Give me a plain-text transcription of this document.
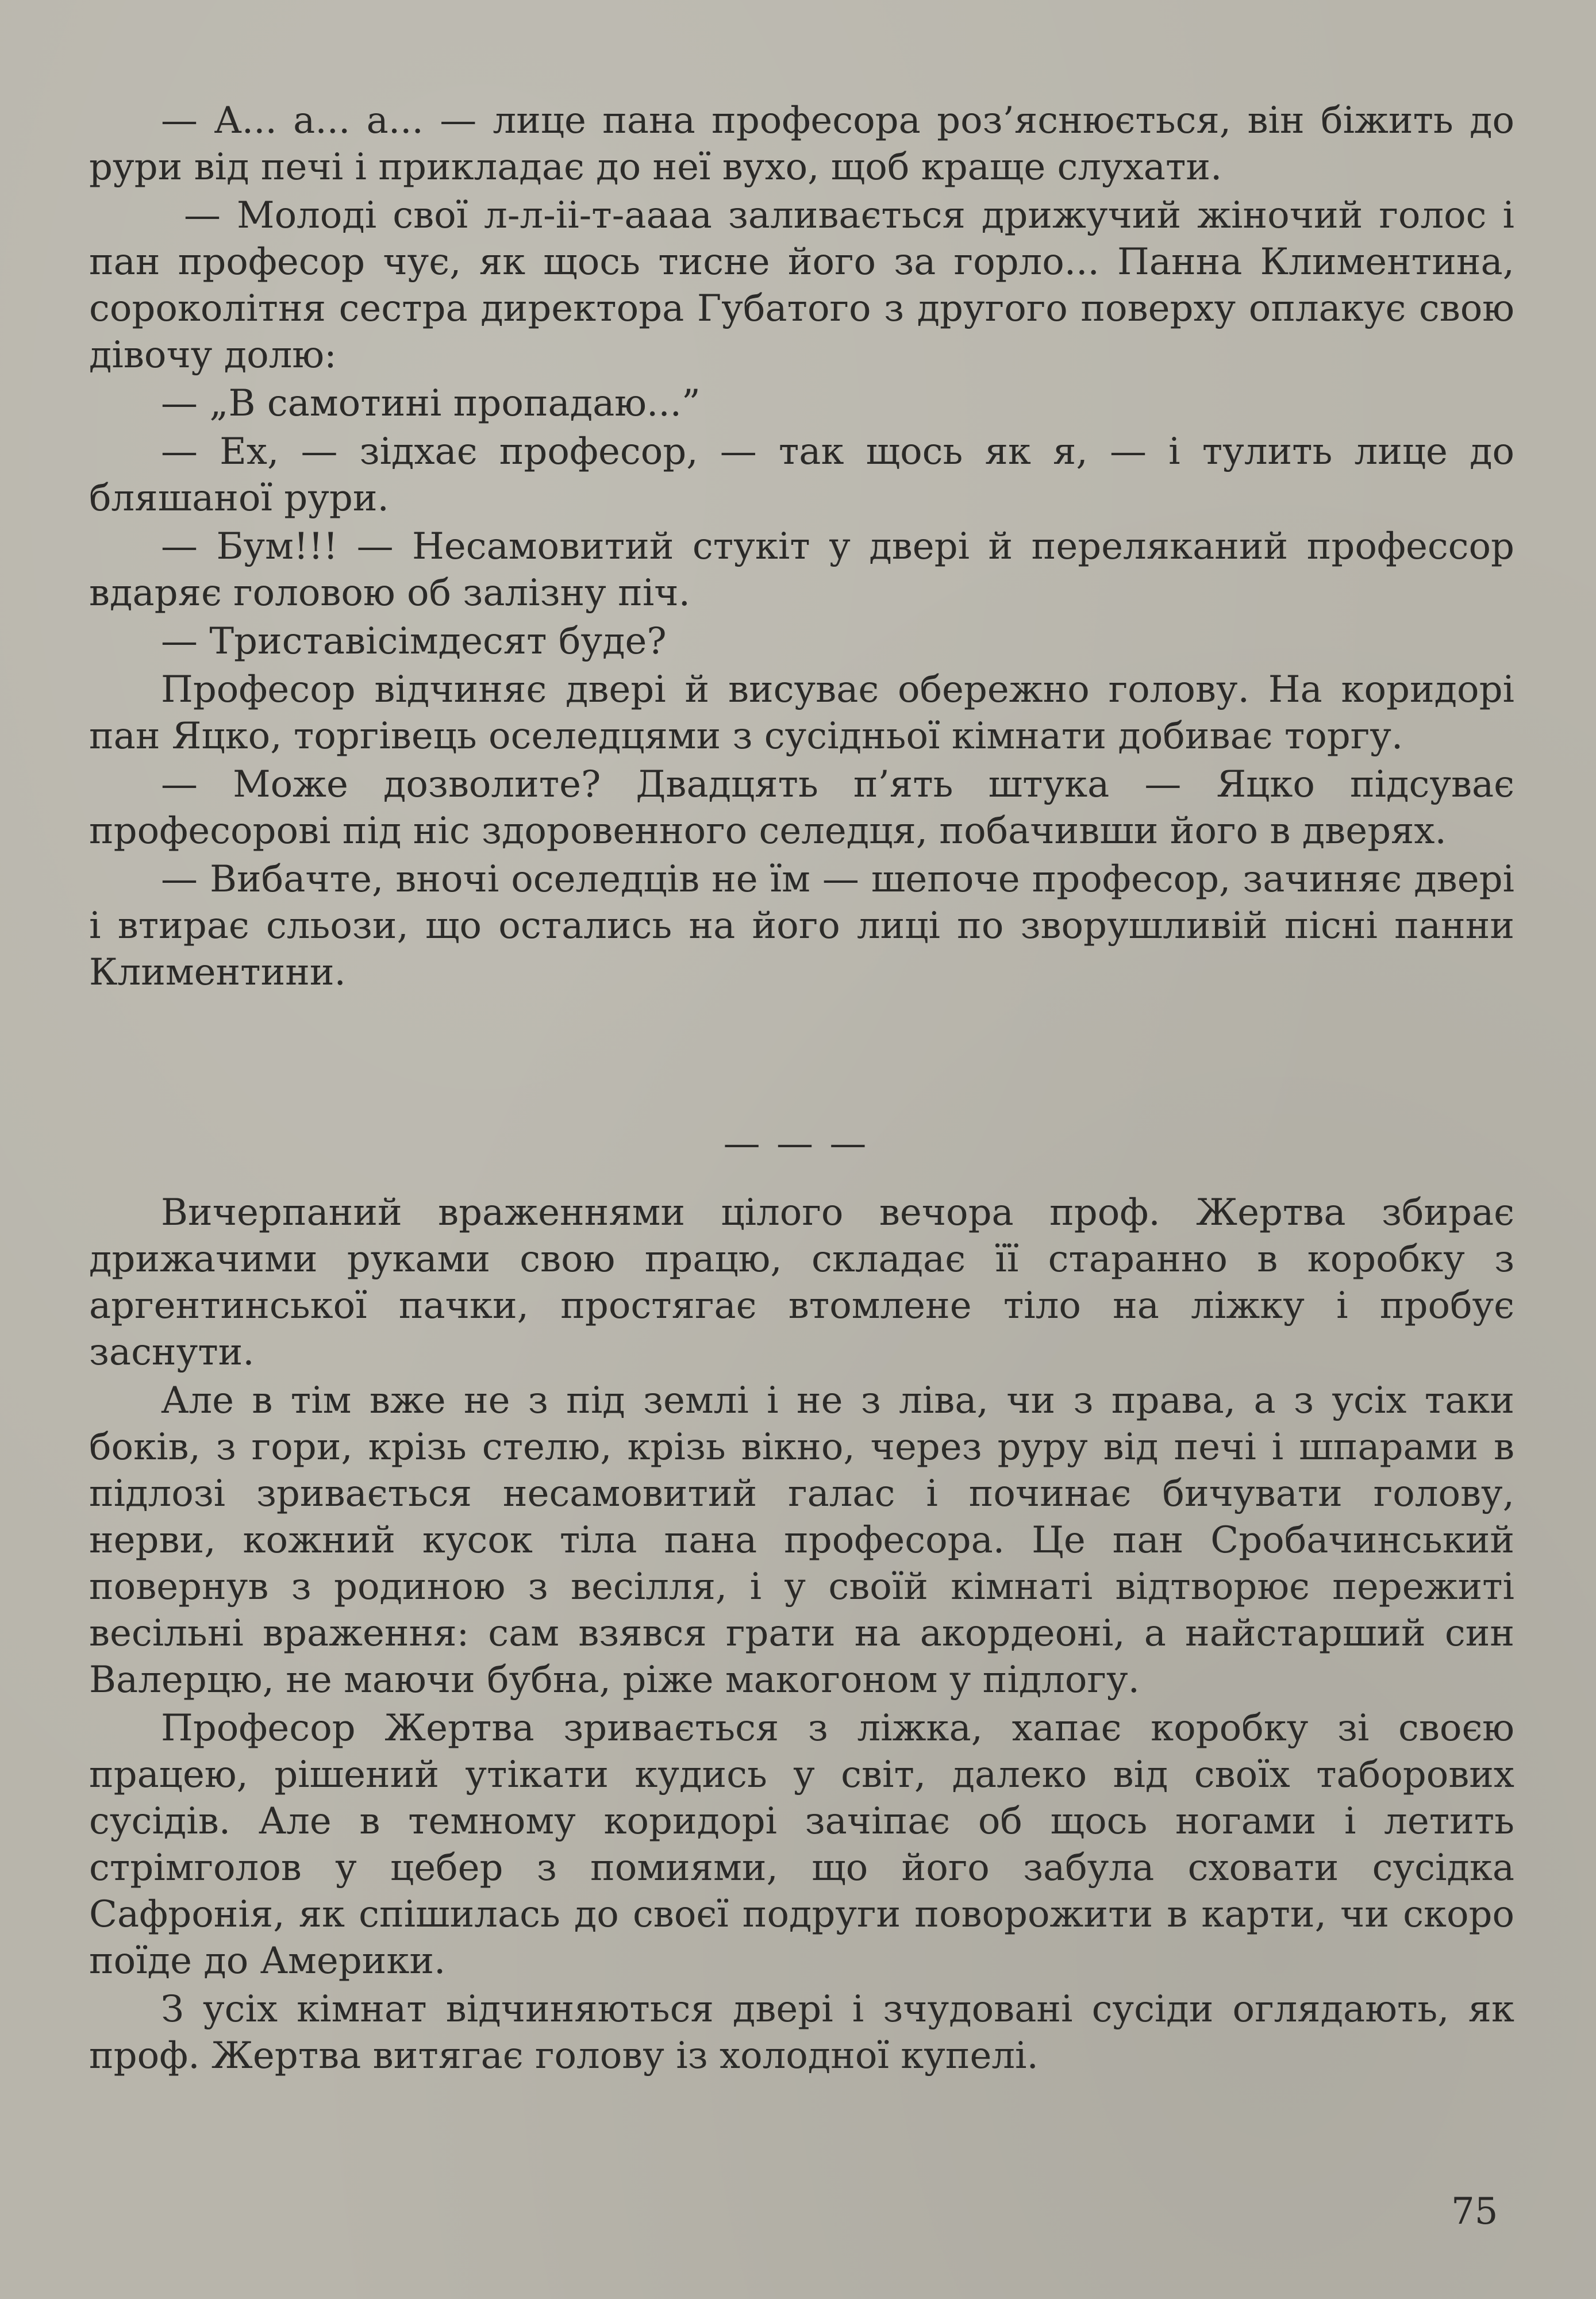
— А... а... а... — лице пана професора роз’яснюється, він біжить до рури від печі і прикладає до неї вухо, щоб краще слухати.

— Молоді свої л-л-іі-т-аааа заливається дрижучий жіночий голос і пан професор чує, як щось тисне його за горло... Панна Климентина, сороколітня сестра директора Губатого з другого поверху оплакує свою дівочу долю:

— „В самотині пропадаю...”

— Ех, — зідхає професор, — так щось як я, — і тулить лице до бляшаної рури.

— Бум!!! — Несамовитий стукіт у двері й переляканий профессор вдаряє головою об залізну піч.

— Триставісімдесят буде?

Професор відчиняє двері й висуває обережно голову. На коридорі пан Яцко, торгівець оселедцями з сусідньої кімнати добиває торгу.

— Може дозволите? Двадцять п’ять штука — Яцко підсуває професорові під ніс здоровенного селедця, побачивши його в дверях.

— Вибачте, вночі оселедців не їм — шепоче професор, зачиняє двері і втирає сльози, що остались на його лиці по зворушливій пісні панни Климентини.

— — —

Вичерпаний враженнями цілого вечора проф. Жертва збирає дрижачими руками свою працю, складає її старанно в коробку з аргентинської пачки, простягає втомлене тіло на ліжку і пробує заснути.

Але в тім вже не з під землі і не з ліва, чи з права, а з усіх таки боків, з гори, крізь стелю, крізь вікно, через руру від печі і шпарами в підлозі зривається несамовитий галас і починає бичувати голову, нерви, кожний кусок тіла пана професора. Це пан Сробачинський повернув з родиною з весілля, і у своїй кімнаті відтворює пережиті весільні враження: сам взявся грати на акордеоні, а найстарший син Валерцю, не маючи бубна, ріже макогоном у підлогу.

Професор Жертва зривається з ліжка, хапає коробку зі своєю працею, рішений утікати кудись у світ, далеко від своїх таборових сусідів. Але в темному коридорі зачіпає об щось ногами і летить стрімголов у цебер з помиями, що його забула сховати сусідка Сафронія, як спішилась до своєї подруги поворожити в карти, чи скоро поїде до Америки.

З усіх кімнат відчиняються двері і зчудовані сусіди оглядають, як проф. Жертва витягає голову із холодної купелі.

75
